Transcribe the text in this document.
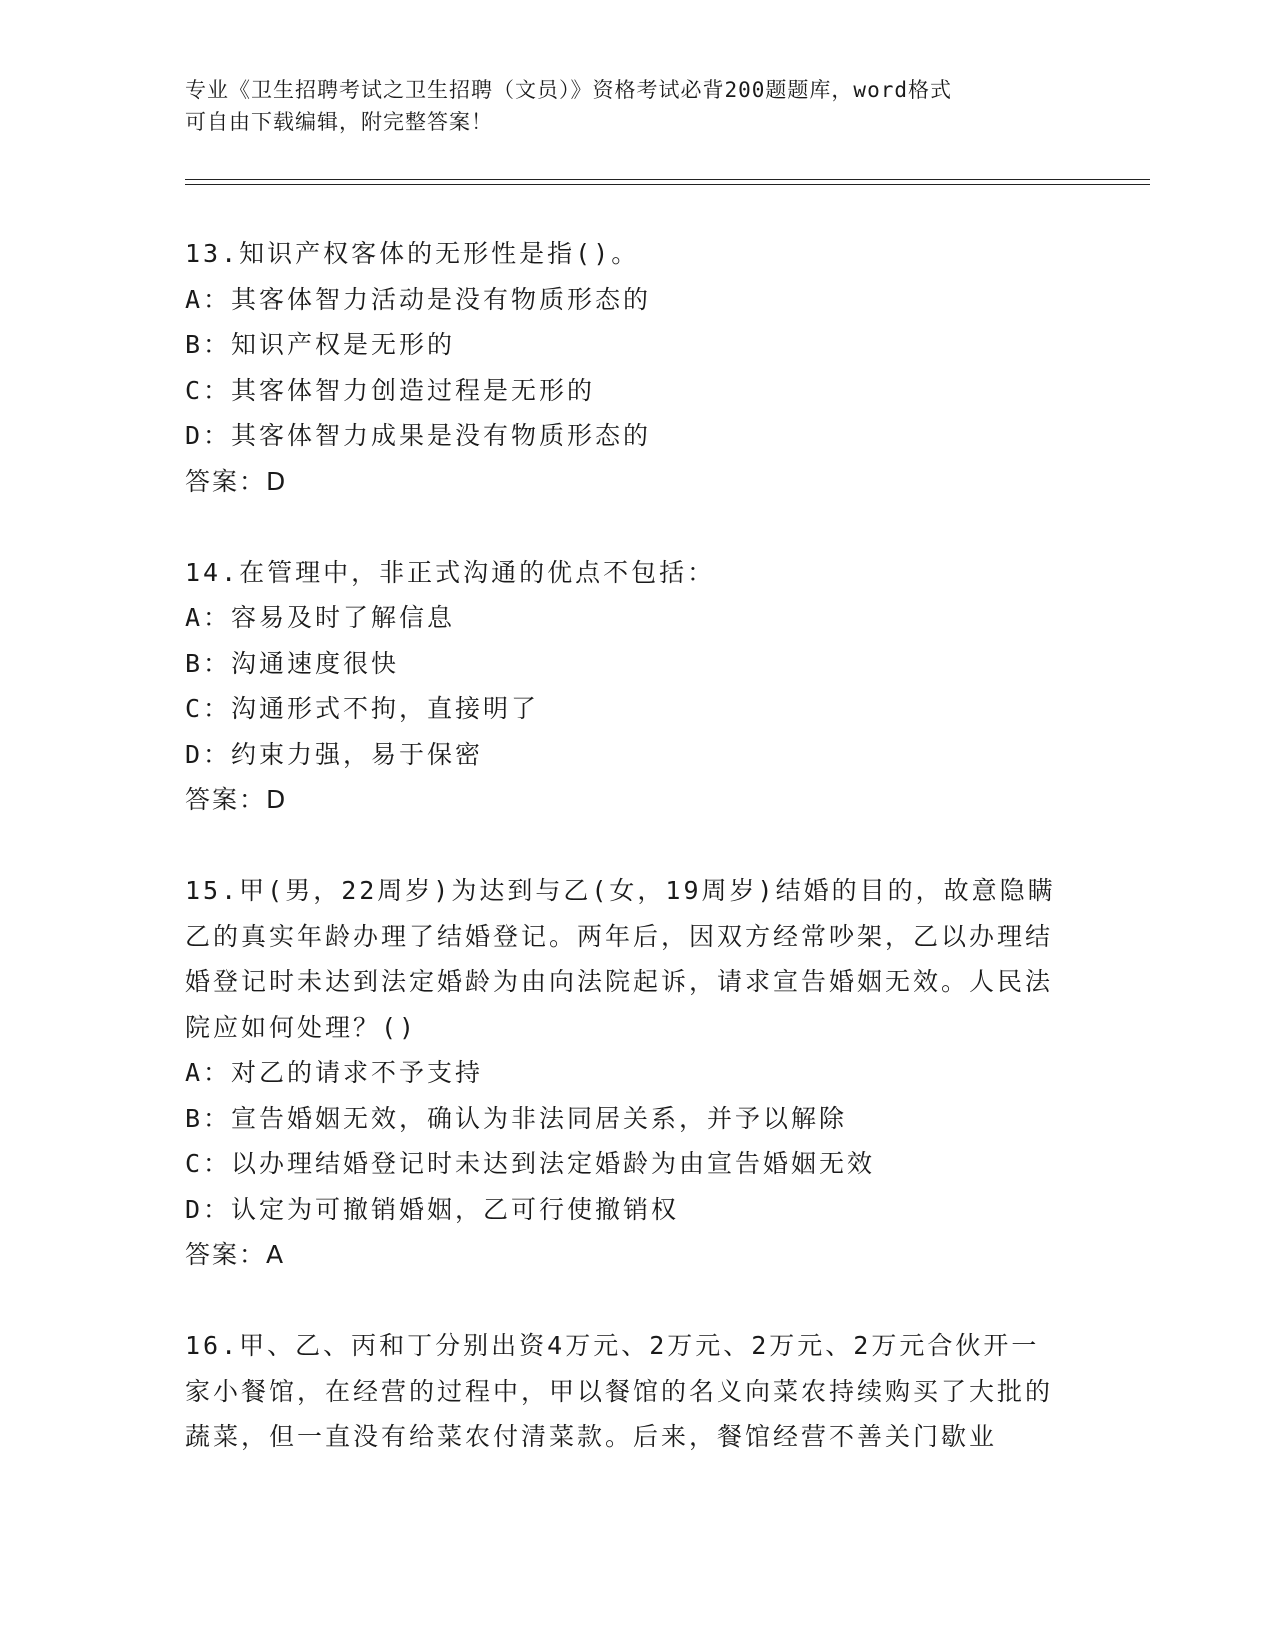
专业《卫生招聘考试之卫生招聘（文员）》资格考试必背200题题库，word格式
可自由下载编辑，附完整答案！
13.知识产权客体的无形性是指()。
A：其客体智力活动是没有物质形态的
B：知识产权是无形的
C：其客体智力创造过程是无形的
D：其客体智力成果是没有物质形态的
答案：D
14.在管理中，非正式沟通的优点不包括：
A：容易及时了解信息
B：沟通速度很快
C：沟通形式不拘，直接明了
D：约束力强，易于保密
答案：D
15.甲(男，22周岁)为达到与乙(女，19周岁)结婚的目的，故意隐瞒乙的真实年龄办理了结婚登记。两年后，因双方经常吵架，乙以办理结婚登记时未达到法定婚龄为由向法院起诉，请求宣告婚姻无效。人民法院应如何处理？()
A：对乙的请求不予支持
B：宣告婚姻无效，确认为非法同居关系，并予以解除
C：以办理结婚登记时未达到法定婚龄为由宣告婚姻无效
D：认定为可撤销婚姻，乙可行使撤销权
答案：A
16.甲、乙、丙和丁分别出资4万元、2万元、2万元、2万元合伙开一家小餐馆，在经营的过程中，甲以餐馆的名义向菜农持续购买了大批的蔬菜，但一直没有给菜农付清菜款。后来，餐馆经营不善关门歇业
